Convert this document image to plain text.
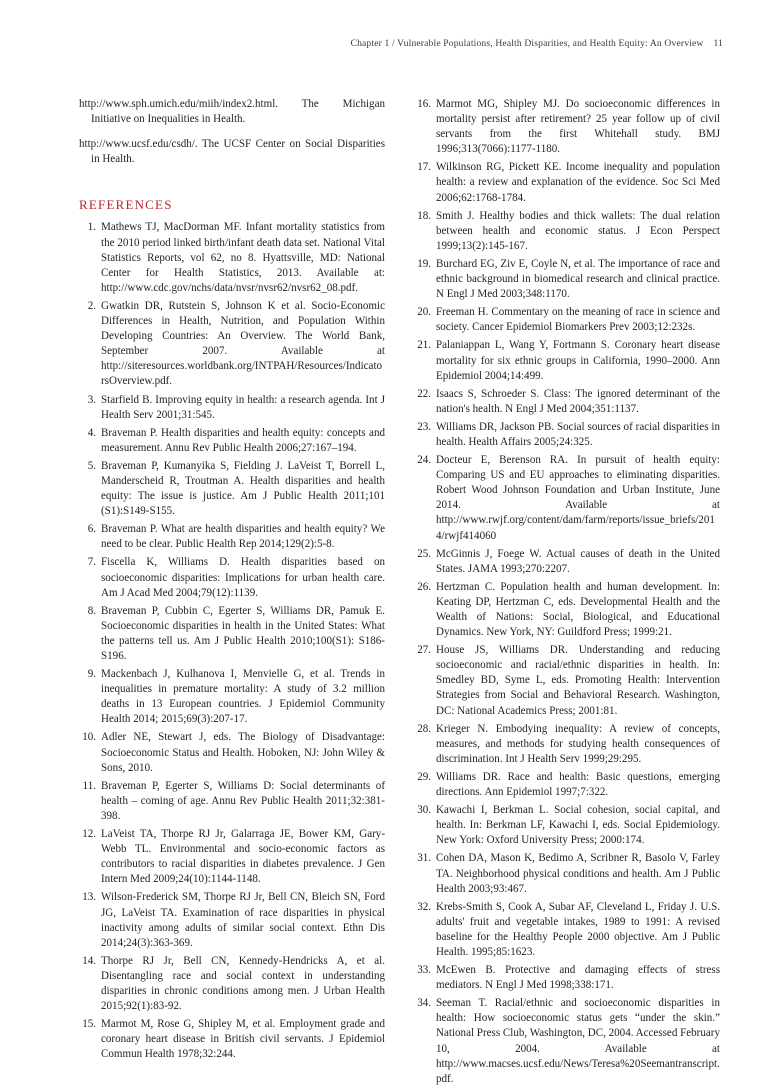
Chapter 1 / Vulnerable Populations, Health Disparities, and Health Equity: An Overview 11

http://www.sph.umich.edu/miih/index2.html. The Michigan Initiative on Inequalities in Health.

http://www.ucsf.edu/csdh/. The UCSF Center on Social Disparities in Health.

REFERENCES
1. Mathews TJ, MacDorman MF. Infant mortality statistics from the 2010 period linked birth/infant death data set. National Vital Statistics Reports, vol 62, no 8. Hyattsville, MD: National Center for Health Statistics, 2013. Available at: http://www.cdc.gov/nchs/data/nvsr/nvsr62/nvsr62_08.pdf.
2. Gwatkin DR, Rutstein S, Johnson K et al. Socio-Economic Differences in Health, Nutrition, and Population Within Developing Countries: An Overview. The World Bank, September 2007. Available at http://siteresources.worldbank.org/INTPAH/Resources/IndicatorsOverview.pdf.
3. Starfield B. Improving equity in health: a research agenda. Int J Health Serv 2001;31:545.
4. Braveman P. Health disparities and health equity: concepts and measurement. Annu Rev Public Health 2006;27:167–194.
5. Braveman P, Kumanyika S, Fielding J. LaVeist T, Borrell L, Manderscheid R, Troutman A. Health disparities and health equity: The issue is justice. Am J Public Health 2011;101 (S1):S149-S155.
6. Braveman P. What are health disparities and health equity? We need to be clear. Public Health Rep 2014;129(2):5-8.
7. Fiscella K, Williams D. Health disparities based on socioeconomic disparities: Implications for urban health care. Am J Acad Med 2004;79(12):1139.
8. Braveman P, Cubbin C, Egerter S, Williams DR, Pamuk E. Socioeconomic disparities in health in the United States: What the patterns tell us. Am J Public Health 2010;100(S1): S186-S196.
9. Mackenbach J, Kulhanova I, Menvielle G, et al. Trends in inequalities in premature mortality: A study of 3.2 million deaths in 13 European countries. J Epidemiol Community Health 2014; 2015;69(3):207-17.
10. Adler NE, Stewart J, eds. The Biology of Disadvantage: Socioeconomic Status and Health. Hoboken, NJ: John Wiley & Sons, 2010.
11. Braveman P, Egerter S, Williams D: Social determinants of health – coming of age. Annu Rev Public Health 2011;32:381-398.
12. LaVeist TA, Thorpe RJ Jr, Galarraga JE, Bower KM, Gary-Webb TL. Environmental and socio-economic factors as contributors to racial disparities in diabetes prevalence. J Gen Intern Med 2009;24(10):1144-1148.
13. Wilson-Frederick SM, Thorpe RJ Jr, Bell CN, Bleich SN, Ford JG, LaVeist TA. Examination of race disparities in physical inactivity among adults of similar social context. Ethn Dis 2014;24(3):363-369.
14. Thorpe RJ Jr, Bell CN, Kennedy-Hendricks A, et al. Disentangling race and social context in understanding disparities in chronic conditions among men. J Urban Health 2015;92(1):83-92.
15. Marmot M, Rose G, Shipley M, et al. Employment grade and coronary heart disease in British civil servants. J Epidemiol Commun Health 1978;32:244.
16. Marmot MG, Shipley MJ. Do socioeconomic differences in mortality persist after retirement? 25 year follow up of civil servants from the first Whitehall study. BMJ 1996;313(7066):1177-1180.
17. Wilkinson RG, Pickett KE. Income inequality and population health: a review and explanation of the evidence. Soc Sci Med 2006;62:1768-1784.
18. Smith J. Healthy bodies and thick wallets: The dual relation between health and economic status. J Econ Perspect 1999;13(2):145-167.
19. Burchard EG, Ziv E, Coyle N, et al. The importance of race and ethnic background in biomedical research and clinical practice. N Engl J Med 2003;348:1170.
20. Freeman H. Commentary on the meaning of race in science and society. Cancer Epidemiol Biomarkers Prev 2003;12:232s.
21. Palaniappan L, Wang Y, Fortmann S. Coronary heart disease mortality for six ethnic groups in California, 1990–2000. Ann Epidemiol 2004;14:499.
22. Isaacs S, Schroeder S. Class: The ignored determinant of the nation's health. N Engl J Med 2004;351:1137.
23. Williams DR, Jackson PB. Social sources of racial disparities in health. Health Affairs 2005;24:325.
24. Docteur E, Berenson RA. In pursuit of health equity: Comparing US and EU approaches to eliminating disparities. Robert Wood Johnson Foundation and Urban Institute, June 2014. Available at http://www.rwjf.org/content/dam/farm/reports/issue_briefs/2014/rwjf414060
25. McGinnis J, Foege W. Actual causes of death in the United States. JAMA 1993;270:2207.
26. Hertzman C. Population health and human development. In: Keating DP, Hertzman C, eds. Developmental Health and the Wealth of Nations: Social, Biological, and Educational Dynamics. New York, NY: Guildford Press; 1999:21.
27. House JS, Williams DR. Understanding and reducing socioeconomic and racial/ethnic disparities in health. In: Smedley BD, Syme L, eds. Promoting Health: Intervention Strategies from Social and Behavioral Research. Washington, DC: National Academics Press; 2001:81.
28. Krieger N. Embodying inequality: A review of concepts, measures, and methods for studying health consequences of discrimination. Int J Health Serv 1999;29:295.
29. Williams DR. Race and health: Basic questions, emerging directions. Ann Epidemiol 1997;7:322.
30. Kawachi I, Berkman L. Social cohesion, social capital, and health. In: Berkman LF, Kawachi I, eds. Social Epidemiology. New York: Oxford University Press; 2000:174.
31. Cohen DA, Mason K, Bedimo A, Scribner R, Basolo V, Farley TA. Neighborhood physical conditions and health. Am J Public Health 2003;93:467.
32. Krebs-Smith S, Cook A, Subar AF, Cleveland L, Friday J. U.S. adults' fruit and vegetable intakes, 1989 to 1991: A revised baseline for the Healthy People 2000 objective. Am J Public Health. 1995;85:1623.
33. McEwen B. Protective and damaging effects of stress mediators. N Engl J Med 1998;338:171.
34. Seeman T. Racial/ethnic and socioeconomic disparities in health: How socioeconomic status gets “under the skin.” National Press Club, Washington, DC, 2004. Accessed February 10, 2004. Available at http://www.macses.ucsf.edu/News/Teresa%20Seemantranscript.pdf.
